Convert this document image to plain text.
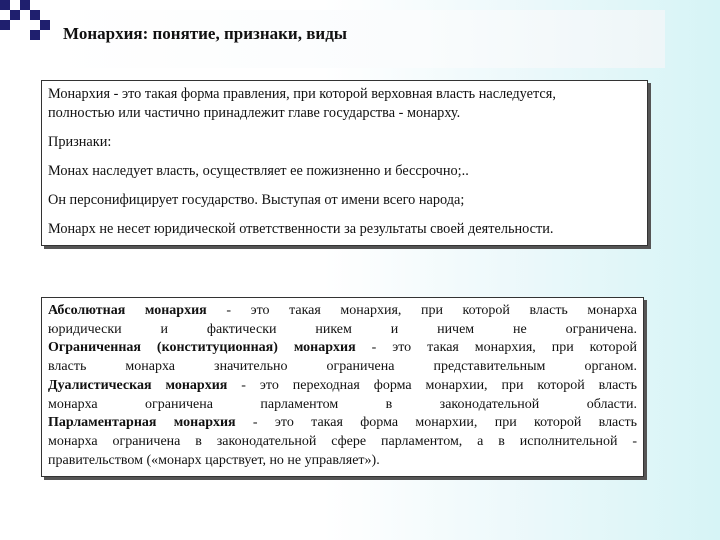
Монархия: понятие, признаки, виды

Монархия - это такая форма правления, при которой верховная власть наследуется,
полностью или частично принадлежит главе государства - монарху.

Признаки:

Монах наследует власть, осуществляет ее пожизненно и бессрочно;..

Он персонифицирует государство. Выступая от имени всего народа;

Монарх не несет юридической ответственности за результаты своей деятельности.

Абсолютная монархия - это такая монархия, при которой власть монарха
юридически и фактически никем и ничем не ограничена.
Ограниченная (конституционная) монархия - это такая монархия, при которой
власть монарха значительно ограничена представительным органом.
Дуалистическая монархия - это переходная форма монархии, при которой власть
монарха ограничена парламентом в законодательной области.
Парламентарная монархия - это такая форма монархии, при которой власть
монарха ограничена в законодательной сфере парламентом, а в исполнительной -
правительством («монарх царствует, но не управляет»).
